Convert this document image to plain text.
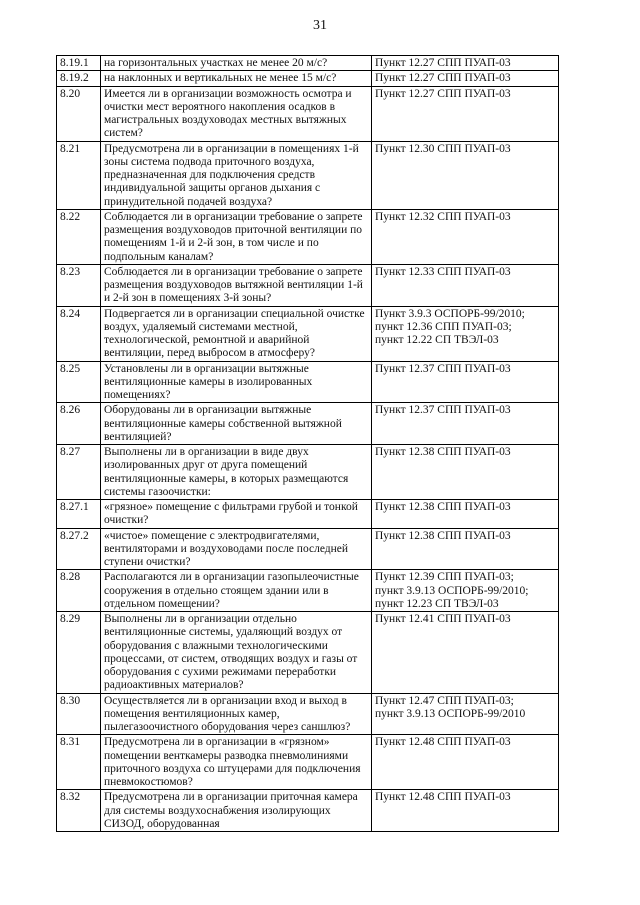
31
8.19.1	на горизонтальных участках не менее 20 м/с?	Пункт 12.27 СПП ПУАП-03

8.19.2	на наклонных и вертикальных не менее 15 м/с?	Пункт 12.27 СПП ПУАП-03

8.20	Имеется ли в организации возможность осмотра и очистки мест вероятного накопления осадков в магистральных воздуховодах местных вытяжных систем?	Пункт 12.27 СПП ПУАП-03

8.21	Предусмотрена ли в организации в помещениях 1-й зоны система подвода приточного воздуха, предназначенная для подключения средств индивидуальной защиты органов дыхания с принудительной подачей воздуха?	Пункт 12.30 СПП ПУАП-03

8.22	Соблюдается ли в организации требование о запрете размещения воздуховодов приточной вентиляции по помещениям 1-й и 2-й зон, в том числе и по подпольным каналам?	Пункт 12.32 СПП ПУАП-03

8.23	Соблюдается ли в организации требование о запрете размещения воздуховодов вытяжной вентиляции 1-й и 2-й зон в помещениях 3-й зоны?	Пункт 12.33 СПП ПУАП-03

8.24	Подвергается ли в организации специальной очистке воздух, удаляемый системами местной, технологической, ремонтной и аварийной вентиляции, перед выбросом в атмосферу?	Пункт 3.9.3 ОСПОРБ-99/2010;
пункт 12.36 СПП ПУАП-03;
пункт 12.22 СП ТВЭЛ-03

8.25	Установлены ли в организации вытяжные вентиляционные камеры в изолированных помещениях?	Пункт 12.37 СПП ПУАП-03

8.26	Оборудованы ли в организации вытяжные вентиляционные камеры собственной вытяжной вентиляцией?	Пункт 12.37 СПП ПУАП-03

8.27	Выполнены ли в организации в виде двух изолированных друг от друга помещений вентиляционные камеры, в которых размещаются системы газоочистки:	Пункт 12.38 СПП ПУАП-03

8.27.1	«грязное» помещение с фильтрами грубой и тонкой очистки?	Пункт 12.38 СПП ПУАП-03

8.27.2	«чистое» помещение с электродвигателями, вентиляторами и воздуховодами после последней ступени очистки?	Пункт 12.38 СПП ПУАП-03

8.28	Располагаются ли в организации газопылеочистные сооружения в отдельно стоящем здании или в отдельном помещении?	Пункт 12.39 СПП ПУАП-03;
пункт 3.9.13 ОСПОРБ-99/2010;
пункт 12.23 СП ТВЭЛ-03

8.29	Выполнены ли в организации отдельно вентиляционные системы, удаляющий воздух от оборудования с влажными технологическими процессами, от систем, отводящих воздух и газы от оборудования с сухими режимами переработки радиоактивных материалов?	Пункт 12.41 СПП ПУАП-03

8.30	Осуществляется ли в организации вход и выход в помещения вентиляционных камер, пылегазоочистного оборудования через саншлюз?	Пункт 12.47 СПП ПУАП-03;
пункт 3.9.13 ОСПОРБ-99/2010

8.31	Предусмотрена ли в организации в «грязном» помещении венткамеры разводка пневмолиниями приточного воздуха со штуцерами для подключения пневмокостюмов?	Пункт 12.48 СПП ПУАП-03

8.32	Предусмотрена ли в организации приточная камера для системы воздухоснабжения изолирующих СИЗОД, оборудованная	Пункт 12.48 СПП ПУАП-03
